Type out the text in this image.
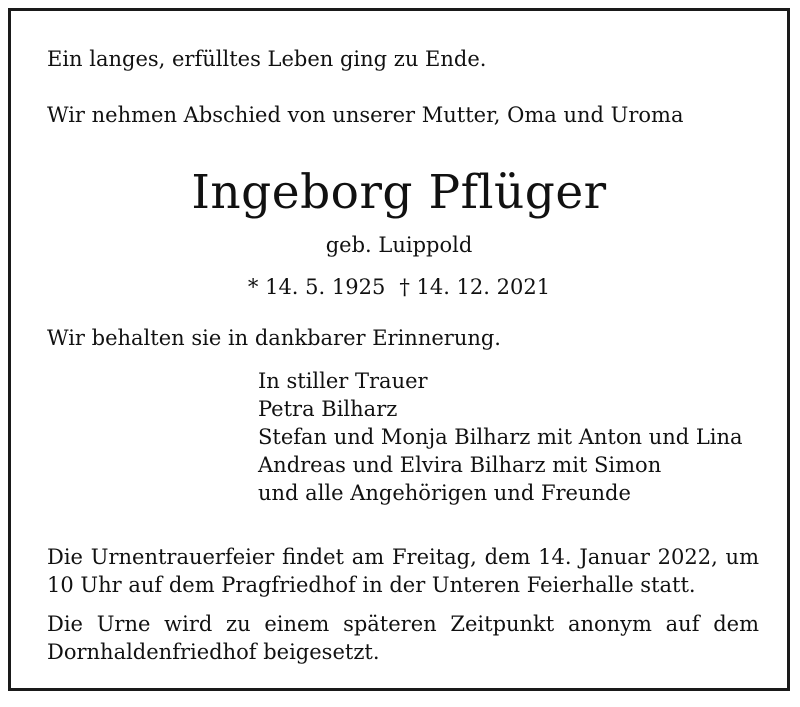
Ein langes, erfülltes Leben ging zu Ende.
Wir nehmen Abschied von unserer Mutter, Oma und Uroma
Ingeborg Pflüger
geb. Luippold
* 14. 5. 1925 † 14. 12. 2021
Wir behalten sie in dankbarer Erinnerung.
In stiller Trauer
Petra Bilharz
Stefan und Monja Bilharz mit Anton und Lina
Andreas und Elvira Bilharz mit Simon
und alle Angehörigen und Freunde
Die Urnentrauerfeier findet am Freitag, dem 14. Januar 2022, um
10 Uhr auf dem Pragfriedhof in der Unteren Feierhalle statt.
Die Urne wird zu einem späteren Zeitpunkt anonym auf dem
Dornhaldenfriedhof beigesetzt.
